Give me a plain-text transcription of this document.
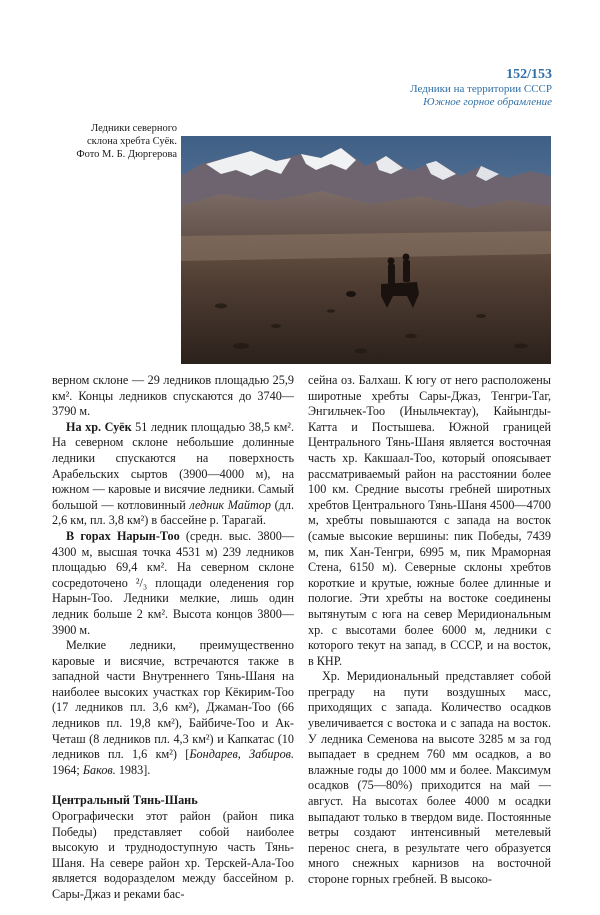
152/153
Ледники на территории СССР
Южное горное обрамление
Ледники северного
склона хребта Суёк.
Фото М. Б. Дюргерова

верном склоне — 29 ледников площадью 25,9 км². Концы ледников спускаются до 3740—3790 м.

На хр. Суёк 51 ледник площадью 38,5 км². На северном склоне небольшие долинные ледники спускаются на поверхность Арабельских сыртов (3900—4000 м), на южном — каровые и висячие ледники. Самый большой — котловинный ледник Майтор (дл. 2,6 км, пл. 3,8 км²) в бассейне р. Тарагай.

В горах Нарын-Тоо (средн. выс. 3800—4300 м, высшая точка 4531 м) 239 ледников площадью 69,4 км². На северном склоне сосредоточено ²/₃ площади оледенения гор Нарын-Тоо. Ледники мелкие, лишь один ледник больше 2 км². Высота концов 3800—3900 м.

Мелкие ледники, преимущественно каровые и висячие, встречаются также в западной части Внутреннего Тянь-Шаня на наиболее высоких участках гор Кёкирим-Тоо (17 ледников пл. 3,6 км²), Джаман-Тоо (66 ледников пл. 19,8 км²), Байбиче-Тоо и Ак-Четаш (8 ледников пл. 4,3 км²) и Капкатас (10 ледников пл. 1,6 км²) [Бондарев, Забиров. 1964; Баков. 1983].

Центральный Тянь-Шань

Орографически этот район (район пика Победы) представляет собой наиболее высокую и труднодоступную часть Тянь-Шаня. На севере район хр. Терскей-Ала-Тоо является водоразделом между бассейном р. Сары-Джаз и реками бас-

сейна оз. Балхаш. К югу от него расположены широтные хребты Сары-Джаз, Тенгри-Таг, Энгильчек-Тоо (Иныльчектау), Кайынгды-Катта и Постышева. Южной границей Центрального Тянь-Шаня является восточная часть хр. Какшаал-Тоо, который опоясывает рассматриваемый район на расстоянии более 100 км. Средние высоты гребней широтных хребтов Центрального Тянь-Шаня 4500—4700 м, хребты повышаются с запада на восток (самые высокие вершины: пик Победы, 7439 м, пик Хан-Тенгри, 6995 м, пик Мраморная Стена, 6150 м). Северные склоны хребтов короткие и крутые, южные более длинные и пологие. Эти хребты на востоке соединены вытянутым с юга на север Меридиональным хр. с высотами более 6000 м, ледники с которого текут на запад, в СССР, и на восток, в КНР.

Хр. Меридиональный представляет собой преграду на пути воздушных масс, приходящих с запада. Количество осадков увеличивается с востока и с запада на восток. У ледника Семенова на высоте 3285 м за год выпадает в среднем 760 мм осадков, а во влажные годы до 1000 мм и более. Максимум осадков (75—80%) приходится на май — август. На высотах более 4000 м осадки выпадают только в твердом виде. Постоянные ветры создают интенсивный метелевый перенос снега, в результате чего образуется много снежных карнизов на восточной стороне горных гребней. В высоко-
